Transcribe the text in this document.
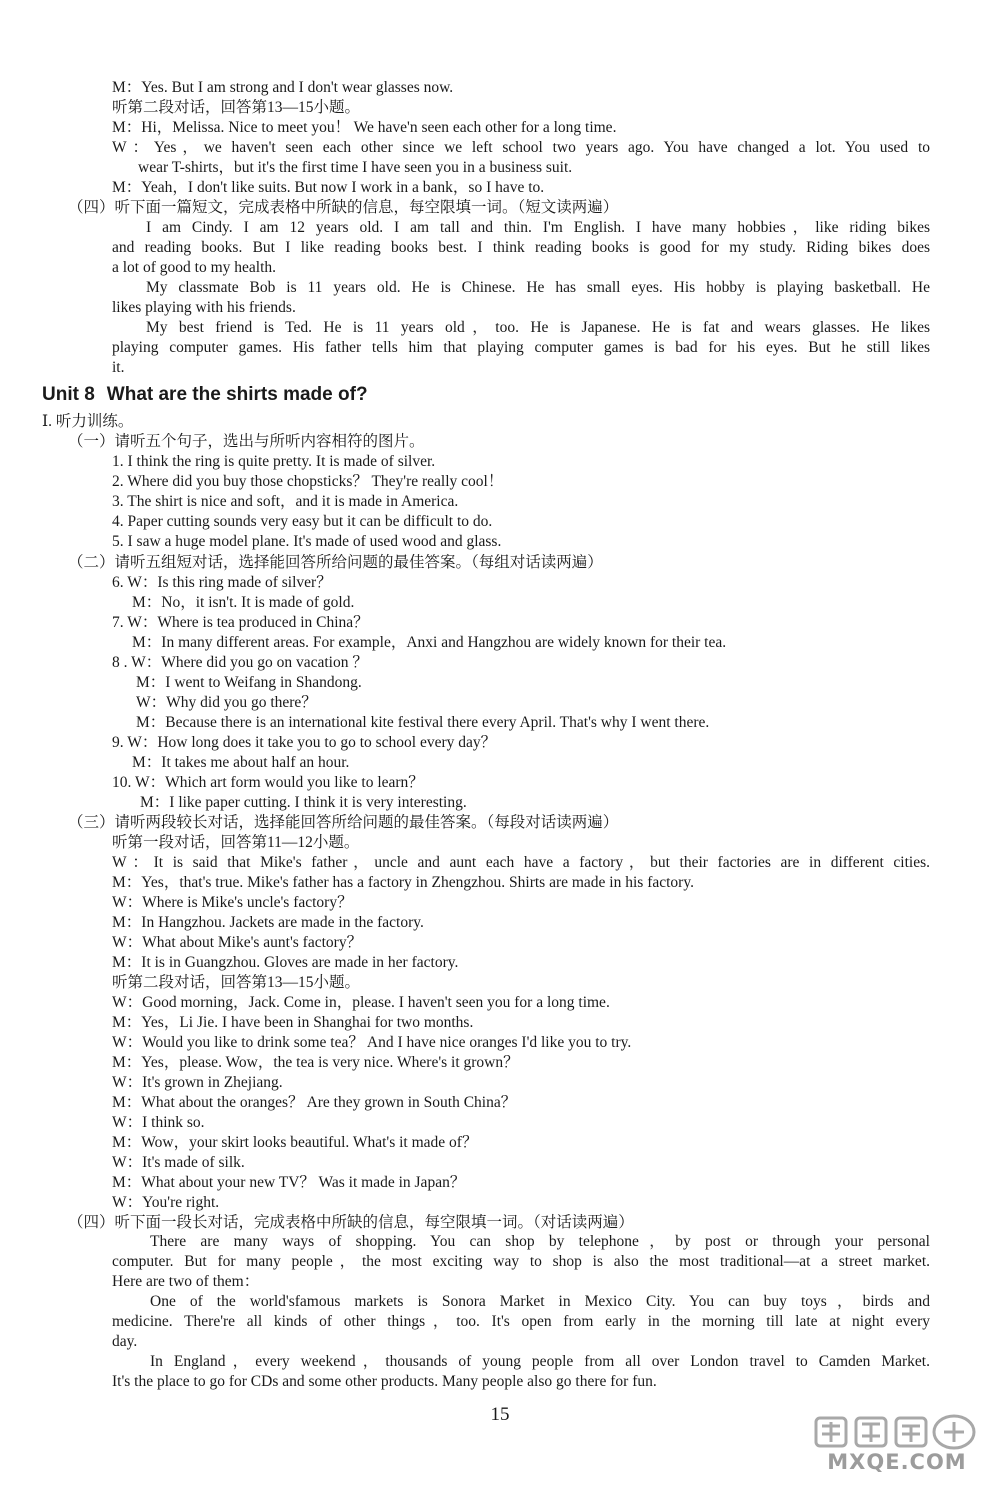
M：Yes. But I am strong and I don't wear glasses now.
听第二段对话，回答第13—15小题。
M：Hi，Melissa. Nice to meet you！ We have'n seen each other for a long time.
W：Yes，we haven't seen each other since we left school two years ago. You have changed a lot. You used to
wear T-shirts，but it's the first time I have seen you in a business suit.
M：Yeah，I don't like suits. But now I work in a bank，so I have to.
（四）听下面一篇短文，完成表格中所缺的信息，每空限填一词。（短文读两遍）
I am Cindy. I am 12 years old. I am tall and thin. I'm English. I have many hobbies，like riding bikes
and reading books. But I like reading books best. I think reading books is good for my study. Riding bikes does
a lot of good to my health.
My classmate Bob is 11 years old. He is Chinese. He has small eyes. His hobby is playing basketball. He
likes playing with his friends.
My best friend is Ted. He is 11 years old，too. He is Japanese. He is fat and wears glasses. He likes
playing computer games. His father tells him that playing computer games is bad for his eyes. But he still likes
it.
Unit 8 What are the shirts made of?
Ⅰ. 听力训练。
（一）请听五个句子，选出与所听内容相符的图片。
1. I think the ring is quite pretty. It is made of silver.
2. Where did you buy those chopsticks？ They're really cool！
3. The shirt is nice and soft，and it is made in America.
4. Paper cutting sounds very easy but it can be difficult to do.
5. I saw a huge model plane. It's made of used wood and glass.
（二）请听五组短对话，选择能回答所给问题的最佳答案。（每组对话读两遍）
6. W：Is this ring made of silver？
M：No，it isn't. It is made of gold.
7. W：Where is tea produced in China？
M：In many different areas. For example，Anxi and Hangzhou are widely known for their tea.
8 . W：Where did you go on vacation ？
M：I went to Weifang in Shandong.
W：Why did you go there？
M：Because there is an international kite festival there every April. That's why I went there.
9. W：How long does it take you to go to school every day？
M：It takes me about half an hour.
10. W：Which art form would you like to learn？
M：I like paper cutting. I think it is very interesting.
（三）请听两段较长对话，选择能回答所给问题的最佳答案。（每段对话读两遍）
听第一段对话，回答第11—12小题。
W：It is said that Mike's father，uncle and aunt each have a factory，but their factories are in different cities.
M：Yes，that's true. Mike's father has a factory in Zhengzhou. Shirts are made in his factory.
W：Where is Mike's uncle's factory？
M：In Hangzhou. Jackets are made in the factory.
W：What about Mike's aunt's factory？
M：It is in Guangzhou. Gloves are made in her factory.
听第二段对话，回答第13—15小题。
W：Good morning，Jack. Come in，please. I haven't seen you for a long time.
M：Yes，Li Jie. I have been in Shanghai for two months.
W：Would you like to drink some tea？ And I have nice oranges I'd like you to try.
M：Yes，please. Wow，the tea is very nice. Where's it grown？
W：It's grown in Zhejiang.
M：What about the oranges？ Are they grown in South China？
W：I think so.
M：Wow，your skirt looks beautiful. What's it made of？
W：It's made of silk.
M：What about your new TV？ Was it made in Japan？
W：You're right.
（四）听下面一段长对话，完成表格中所缺的信息，每空限填一词。（对话读两遍）
There are many ways of shopping. You can shop by telephone，by post or through your personal
computer. But for many people，the most exciting way to shop is also the most traditional—at a street market.
Here are two of them：
One of the world'sfamous markets is Sonora Market in Mexico City. You can buy toys，birds and
medicine. There're all kinds of other things，too. It's open from early in the morning till late at night every
day.
In England，every weekend，thousands of young people from all over London travel to Camden Market.
It's the place to go for CDs and some other products. Many people also go there for fun.
15
MXQE.COM
